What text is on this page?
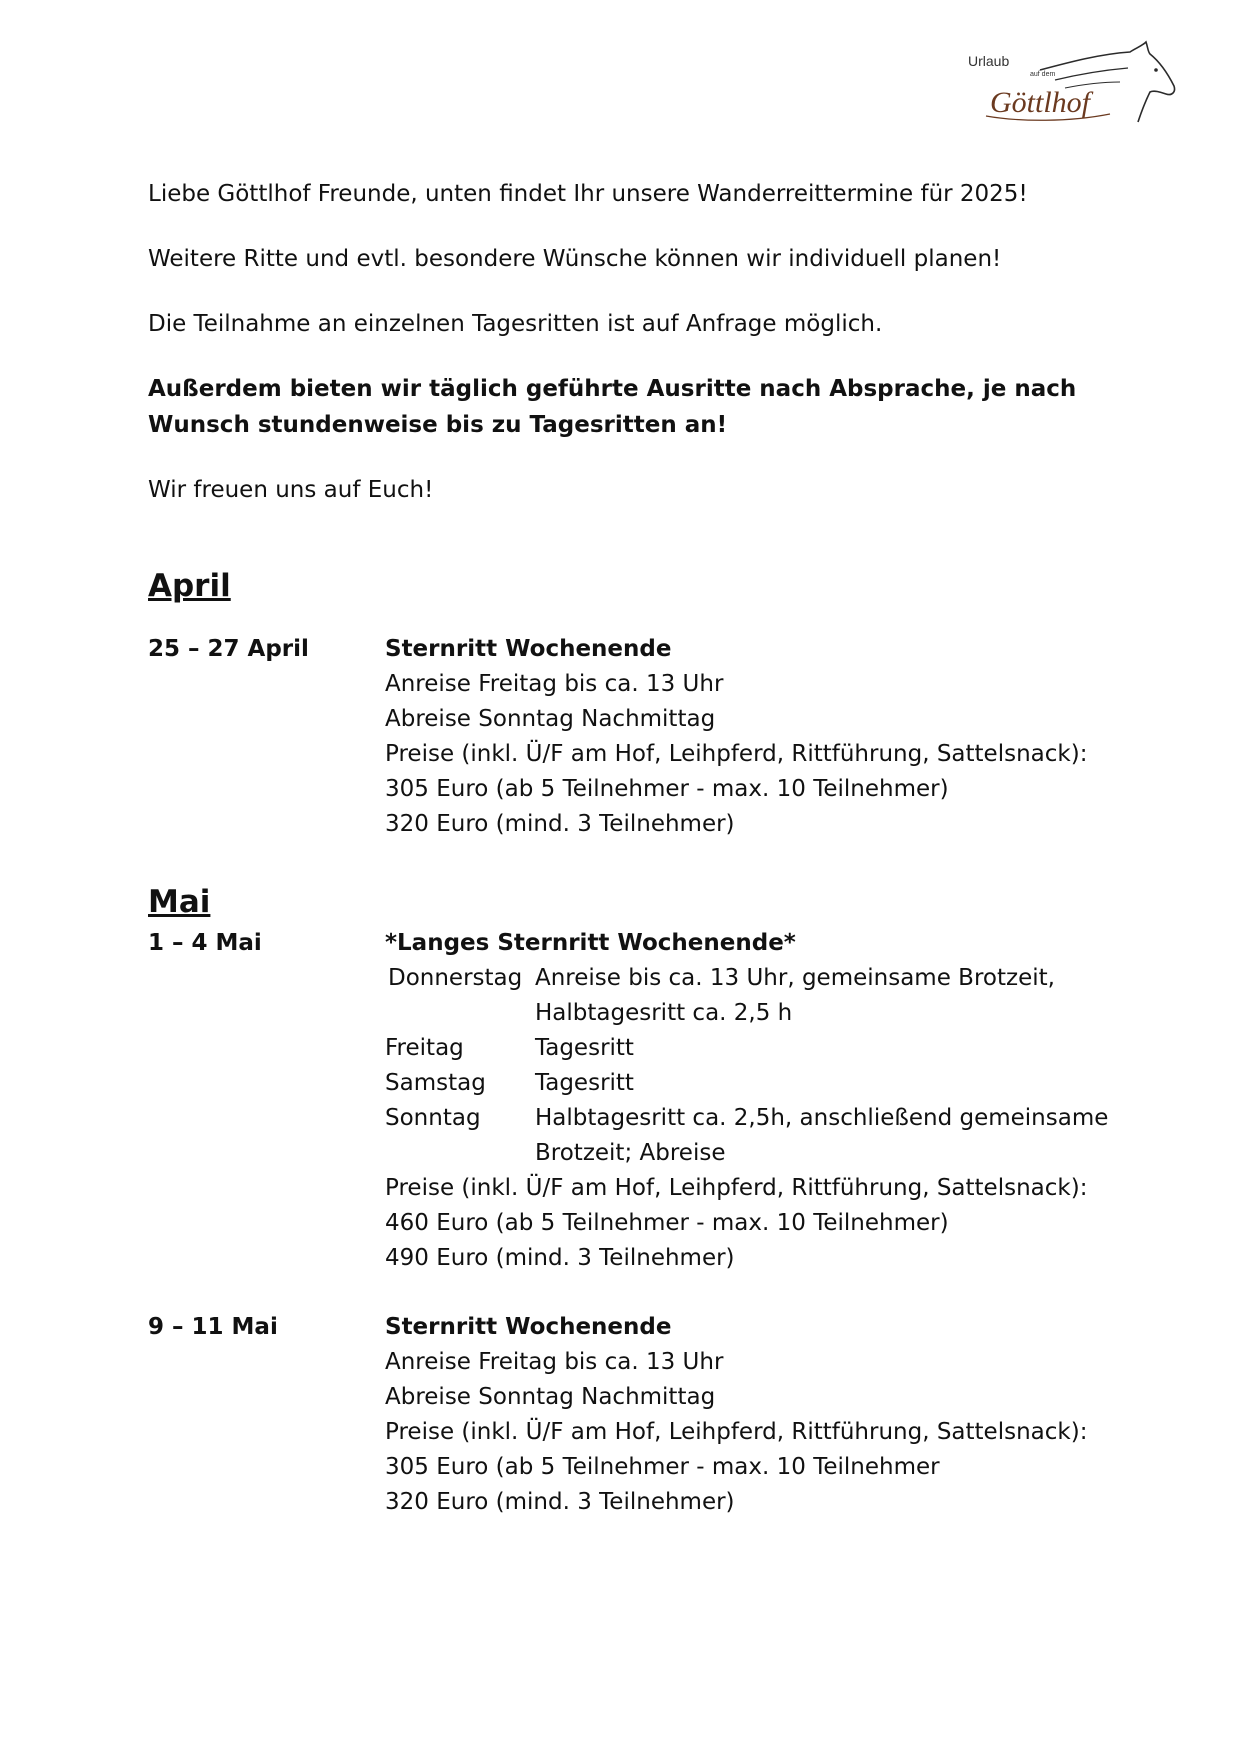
Urlaub
auf dem
Göttlhof

Liebe Göttlhof Freunde, unten findet Ihr unsere Wanderreittermine für 2025!

Weitere Ritte und evtl. besondere Wünsche können wir individuell planen!

Die Teilnahme an einzelnen Tagesritten ist auf Anfrage möglich.

Außerdem bieten wir täglich geführte Ausritte nach Absprache, je nach
Wunsch stundenweise bis zu Tagesritten an!

Wir freuen uns auf Euch!

April
25 – 27 April	Sternritt Wochenende
Anreise Freitag bis ca. 13 Uhr
Abreise Sonntag Nachmittag
Preise (inkl. Ü/F am Hof, Leihpferd, Rittführung, Sattelsnack):
305 Euro (ab 5 Teilnehmer - max. 10 Teilnehmer)
320 Euro (mind. 3 Teilnehmer)
Mai
1 – 4 Mai	*Langes Sternritt Wochenende*
Donnerstag Anreise bis ca. 13 Uhr, gemeinsame Brotzeit,
Halbtagesritt ca. 2,5 h
Freitag	Tagesritt
Samstag	Tagesritt
Sonntag	Halbtagesritt ca. 2,5h, anschließend gemeinsame
Brotzeit; Abreise
Preise (inkl. Ü/F am Hof, Leihpferd, Rittführung, Sattelsnack):
460 Euro (ab 5 Teilnehmer - max. 10 Teilnehmer)
490 Euro (mind. 3 Teilnehmer)
9 – 11 Mai	Sternritt Wochenende
Anreise Freitag bis ca. 13 Uhr
Abreise Sonntag Nachmittag
Preise (inkl. Ü/F am Hof, Leihpferd, Rittführung, Sattelsnack):
305 Euro (ab 5 Teilnehmer - max. 10 Teilnehmer
320 Euro (mind. 3 Teilnehmer)
